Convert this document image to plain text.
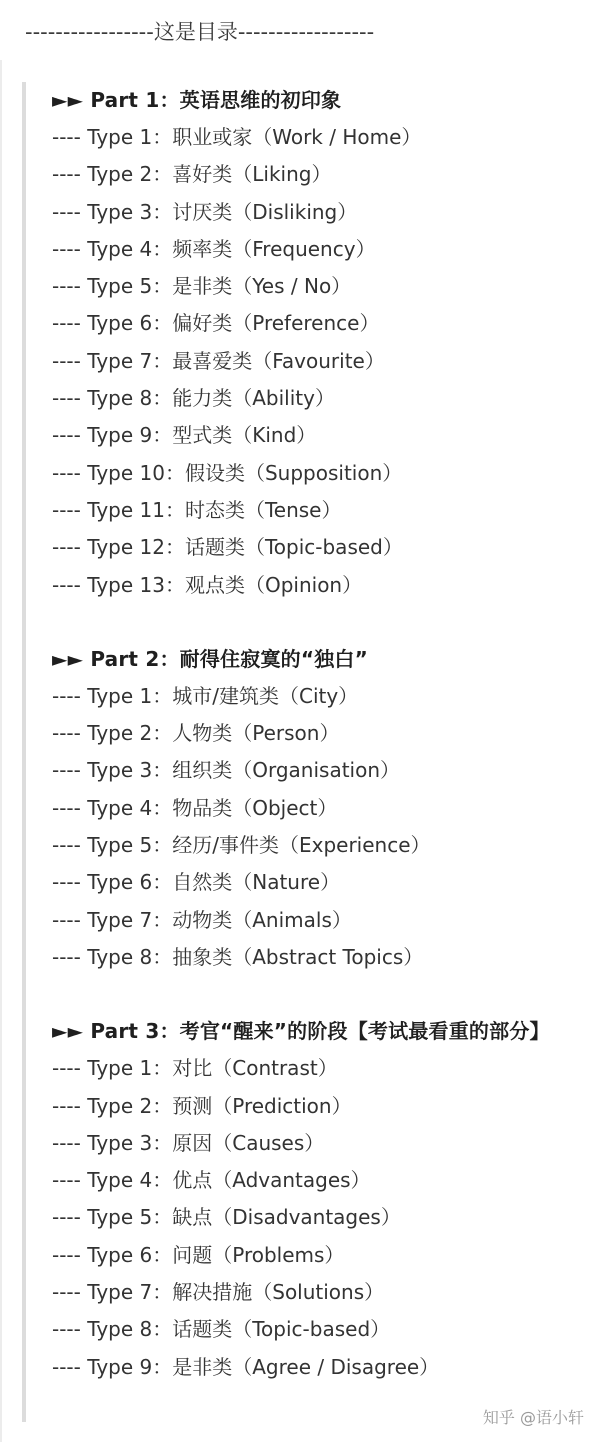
-----------------这是目录------------------
►► Part 1：英语思维的初印象
---- Type 1：职业或家（Work / Home）
---- Type 2：喜好类（Liking）
---- Type 3：讨厌类（Disliking）
---- Type 4：频率类（Frequency）
---- Type 5：是非类（Yes / No）
---- Type 6：偏好类（Preference）
---- Type 7：最喜爱类（Favourite）
---- Type 8：能力类（Ability）
---- Type 9：型式类（Kind）
---- Type 10：假设类（Supposition）
---- Type 11：时态类（Tense）
---- Type 12：话题类（Topic-based）
---- Type 13：观点类（Opinion）
►► Part 2：耐得住寂寞的“独白”
---- Type 1：城市/建筑类（City）
---- Type 2：人物类（Person）
---- Type 3：组织类（Organisation）
---- Type 4：物品类（Object）
---- Type 5：经历/事件类（Experience）
---- Type 6：自然类（Nature）
---- Type 7：动物类（Animals）
---- Type 8：抽象类（Abstract Topics）
►► Part 3：考官“醒来”的阶段【考试最看重的部分】
---- Type 1：对比（Contrast）
---- Type 2：预测（Prediction）
---- Type 3：原因（Causes）
---- Type 4：优点（Advantages）
---- Type 5：缺点（Disadvantages）
---- Type 6：问题（Problems）
---- Type 7：解决措施（Solutions）
---- Type 8：话题类（Topic-based）
---- Type 9：是非类（Agree / Disagree）
知乎 @语小轩
